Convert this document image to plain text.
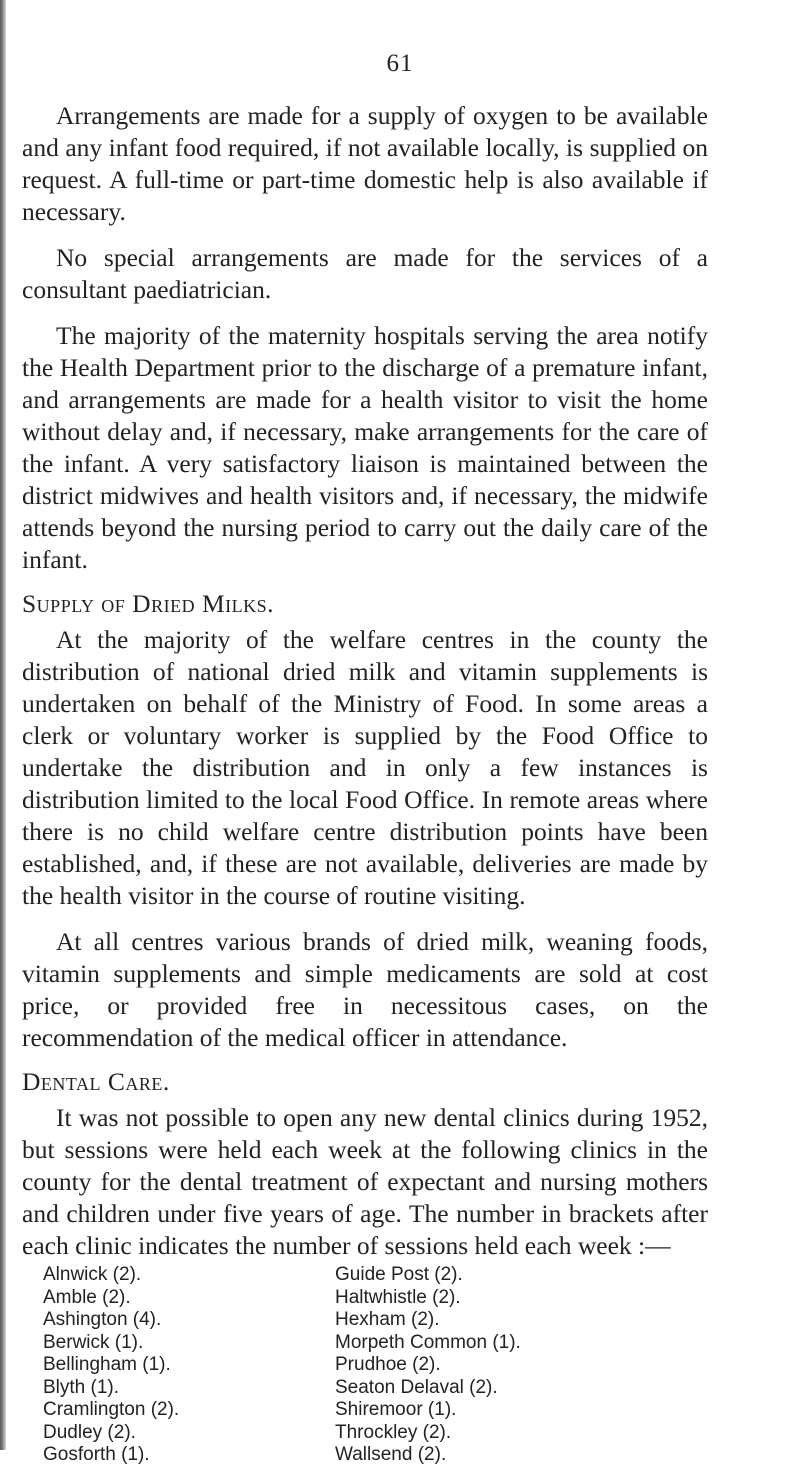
61

Arrangements are made for a supply of oxygen to be available and any infant food required, if not available locally, is supplied on request. A full-time or part-time domestic help is also available if necessary.

No special arrangements are made for the services of a consultant paediatrician.

The majority of the maternity hospitals serving the area notify the Health Department prior to the discharge of a premature infant, and arrangements are made for a health visitor to visit the home without delay and, if necessary, make arrangements for the care of the infant. A very satisfactory liaison is maintained between the district midwives and health visitors and, if necessary, the midwife attends beyond the nursing period to carry out the daily care of the infant.

Supply of Dried Milks.

At the majority of the welfare centres in the county the distribution of national dried milk and vitamin supplements is undertaken on behalf of the Ministry of Food. In some areas a clerk or voluntary worker is supplied by the Food Office to undertake the distribution and in only a few instances is distribution limited to the local Food Office. In remote areas where there is no child welfare centre distribution points have been established, and, if these are not available, deliveries are made by the health visitor in the course of routine visiting.

At all centres various brands of dried milk, weaning foods, vitamin supplements and simple medicaments are sold at cost price, or provided free in necessitous cases, on the recommendation of the medical officer in attendance.

Dental Care.

It was not possible to open any new dental clinics during 1952, but sessions were held each week at the following clinics in the county for the dental treatment of expectant and nursing mothers and children under five years of age. The number in brackets after each clinic indicates the number of sessions held each week :—

Alnwick (2).
Amble (2).
Ashington (4).
Berwick (1).
Bellingham (1).
Blyth (1).
Cramlington (2).
Dudley (2).
Gosforth (1).
Guide Post (2).
Haltwhistle (2).
Hexham (2).
Morpeth Common (1).
Prudhoe (2).
Seaton Delaval (2).
Shiremoor (1).
Throckley (2).
Wallsend (2).
